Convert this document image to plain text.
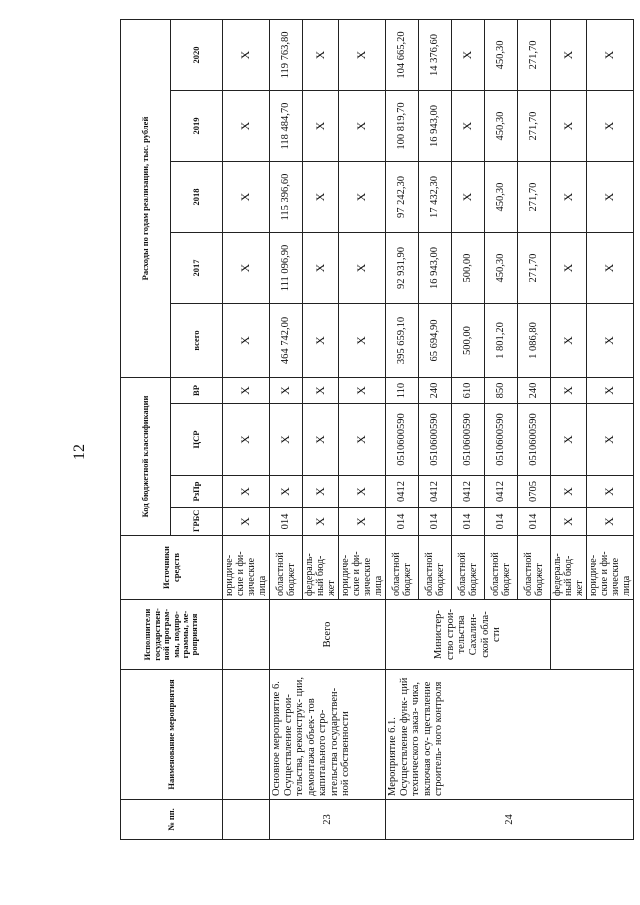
12
№ пп.	Наименование мероприятия	Исполнители государствен- ной програм- мы, подпро- граммы, ме- роприятия	Источники средств	Код бюджетной классификации				Расходы по годам реализации, тыс. рублей				
				ГРБС	РзПр	ЦСР	ВР	всего	2017	2018	2019	2020
			юридиче- ские и фи- зические лица	X	X	X	X	X	X	X	X	X
23	Основное мероприятие 6. Осуществление строи- тельства, реконструк- ции, демонтажа объек- тов капитального стро- ительства государствен- ной собственности	Всего	областной бюджет	014	X	X	X	464 742,00	111 096,90	115 396,60	118 484,70	119 763,80
			федераль- ный бюд- жет	X	X	X	X	X	X	X	X	X
			юридиче- ские и фи- зические лица	X	X	X	X	X	X	X	X	X
24	Мероприятие 6.1. Осуществление функ- ций технического заказ- чика, включая осу- ществление строитель- ного контроля	Министер- ство строи- тельства Сахалин- ской обла- сти	областной бюджет	014	0412	0510600590	110	395 659,10	92 931,90	97 242,30	100 819,70	104 665,20
			областной бюджет	014	0412	0510600590	240	65 694,90	16 943,00	17 432,30	16 943,00	14 376,60
			областной бюджет	014	0412	0510600590	610	500,00	500,00	X	X	X
			областной бюджет	014	0412	0510600590	850	1 801,20	450,30	450,30	450,30	450,30
			областной бюджет	014	0705	0510600590	240	1 086,80	271,70	271,70	271,70	271,70
			федераль- ный бюд- жет	X	X	X	X	X	X	X	X	X
			юридиче- ские и фи- зические лица	X	X	X	X	X	X	X	X	X
